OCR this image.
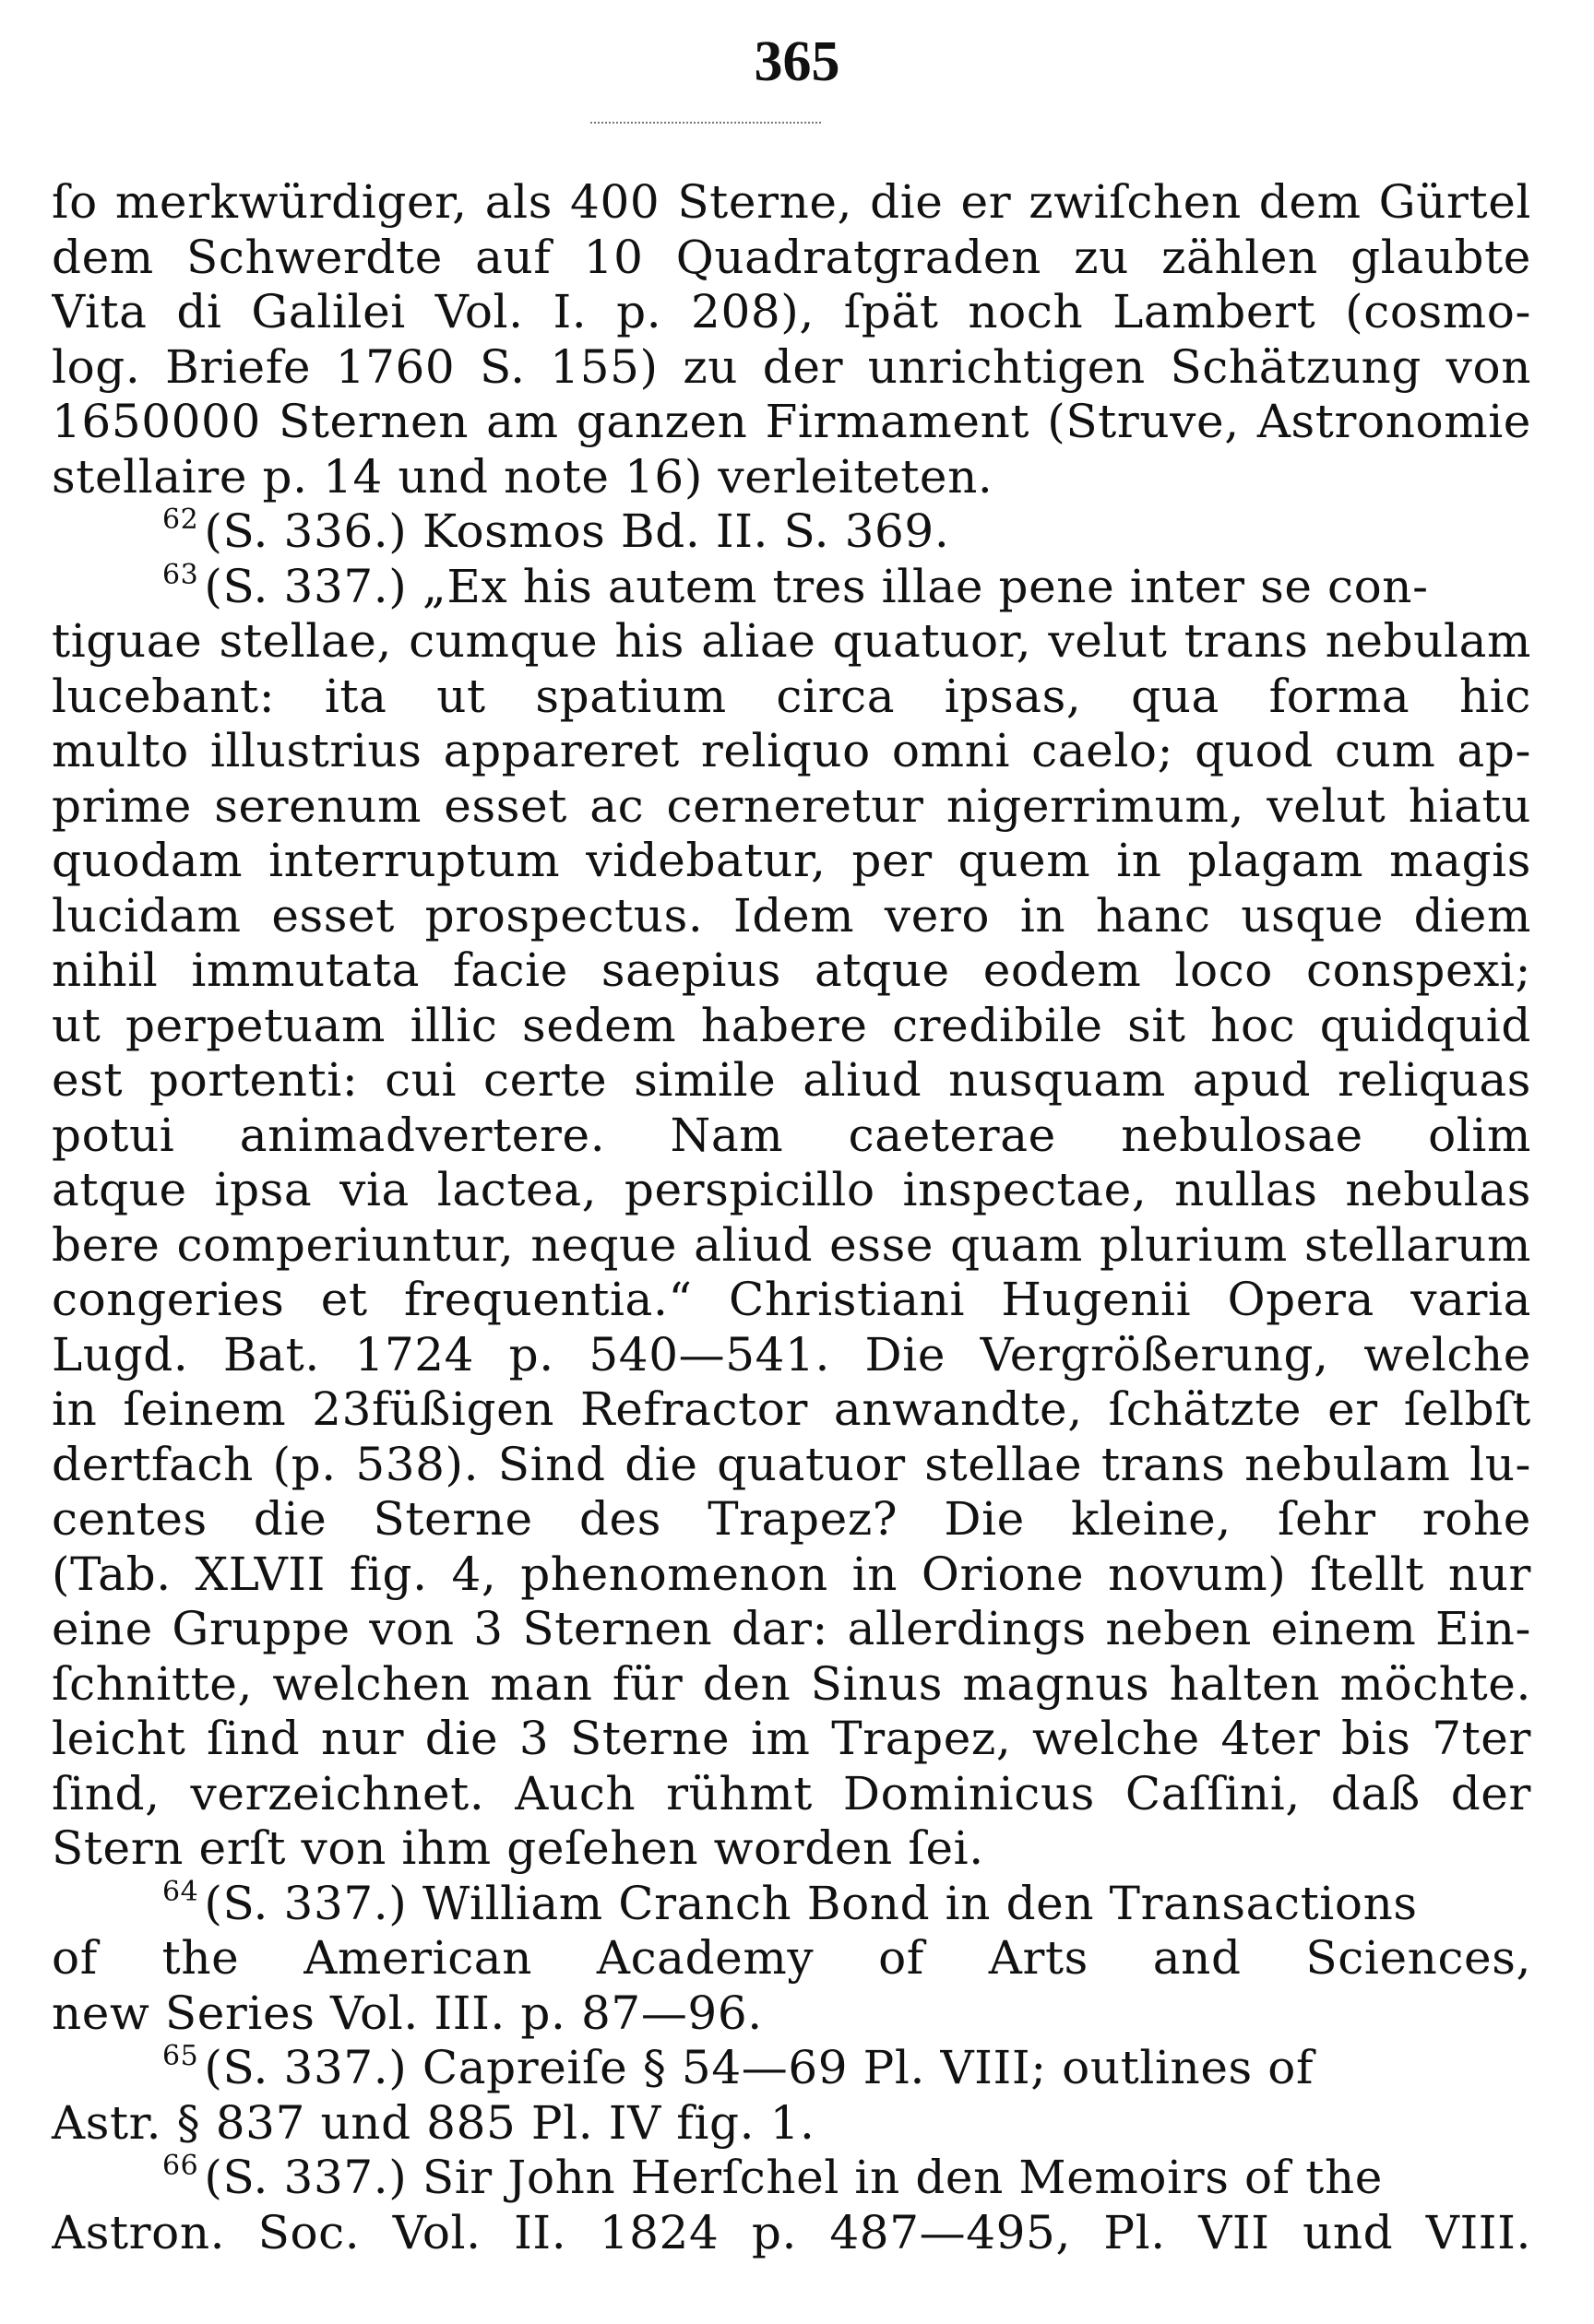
365
ſo merkwürdiger, als 400 Sterne, die er zwiſchen dem Gürtel
dem Schwerdte auf 10 Quadratgraden zu zählen glaubte
Vita di Galilei Vol. I. p. 208), ſpät noch Lambert (cosmo-
log. Briefe 1760 S. 155) zu der unrichtigen Schätzung von
1650000 Sternen am ganzen Firmament (Struve, Astronomie
stellaire p. 14 und note 16) verleiteten.
$^{62}$ (S. 336.) Kosmos Bd. II. S. 369.
$^{63}$ (S. 337.) „Ex his autem tres illae pene inter se con-
tiguae stellae, cumque his aliae quatuor, velut trans nebulam
lucebant: ita ut spatium circa ipsas, qua forma hic
multo illustrius appareret reliquo omni caelo; quod cum ap-
prime serenum esset ac cerneretur nigerrimum, velut hiatu
quodam interruptum videbatur, per quem in plagam magis
lucidam esset prospectus. Idem vero in hanc usque diem
nihil immutata facie saepius atque eodem loco conspexi;
ut perpetuam illic sedem habere credibile sit hoc quidquid
est portenti: cui certe simile aliud nusquam apud reliquas
potui animadvertere. Nam caeterae nebulosae olim
atque ipsa via lactea, perspicillo inspectae, nullas nebulas
bere comperiuntur, neque aliud esse quam plurium stellarum
congeries et frequentia.“ Christiani Hugenii Opera varia
Lugd. Bat. 1724 p. 540—541. Die Vergrößerung, welche
in ſeinem 23füßigen Refractor anwandte, ſchätzte er ſelbſt
dertfach (p. 538). Sind die quatuor stellae trans nebulam lu-
centes die Sterne des Trapez? Die kleine, ſehr rohe
(Tab. XLVII fig. 4, phenomenon in Orione novum) ſtellt nur
eine Gruppe von 3 Sternen dar: allerdings neben einem Ein-
ſchnitte, welchen man für den Sinus magnus halten möchte.
leicht ſind nur die 3 Sterne im Trapez, welche 4ter bis 7ter
ſind, verzeichnet. Auch rühmt Dominicus Caſſini, daß der
Stern erſt von ihm geſehen worden ſei.
$^{64}$ (S. 337.) William Cranch Bond in den Transactions
of the American Academy of Arts and Sciences,
new Series Vol. III. p. 87—96.
$^{65}$ (S. 337.) Capreiſe § 54—69 Pl. VIII; outlines of
Astr. § 837 und 885 Pl. IV fig. 1.
$^{66}$ (S. 337.) Sir John Herſchel in den Memoirs of the
Astron. Soc. Vol. II. 1824 p. 487—495, Pl. VII und VIII.
